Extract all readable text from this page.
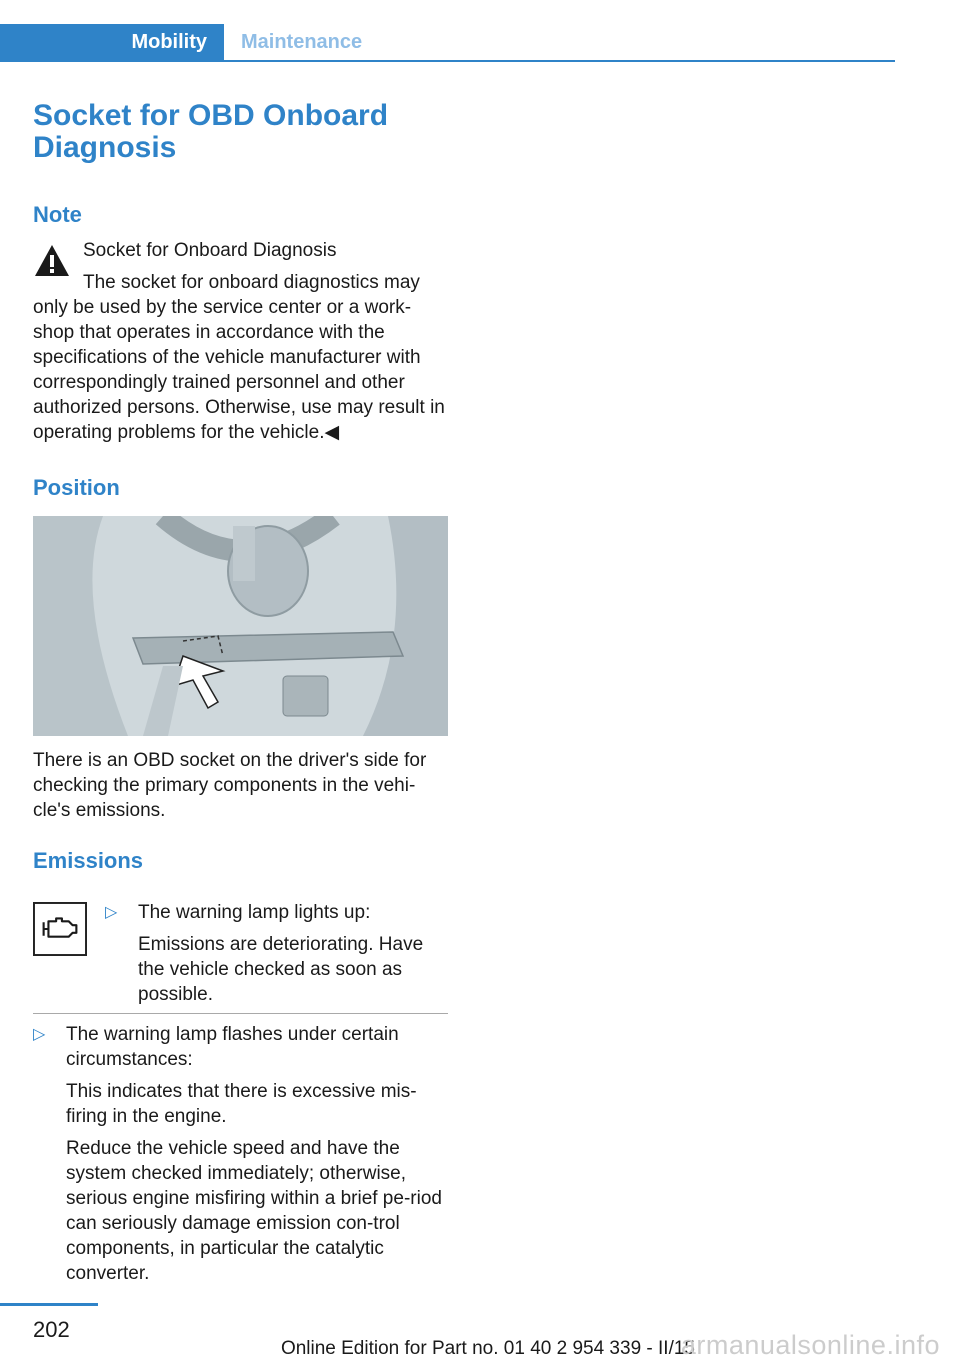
Mobility	Maintenance
Socket for OBD Onboard Diagnosis
Note

Socket for Onboard Diagnosis

The socket for onboard diagnostics may only be used by the service center or a work‐shop that operates in accordance with the specifications of the vehicle manufacturer with correspondingly trained personnel and other authorized persons. Otherwise, use may result in operating problems for the vehicle.◀

Position

There is an OBD socket on the driver's side for checking the primary components in the vehi‐cle's emissions.

Emissions
▷ The warning lamp lights up:

Emissions are deteriorating. Have the vehicle checked as soon as possible.

▷ The warning lamp flashes under certain circumstances:

This indicates that there is excessive mis‐firing in the engine.

Reduce the vehicle speed and have the system checked immediately; otherwise, serious engine misfiring within a brief pe‐riod can seriously damage emission con‐trol components, in particular the catalytic converter.

202
Online Edition for Part no. 01 40 2 954 339 - II/15
armanualsonline.info
